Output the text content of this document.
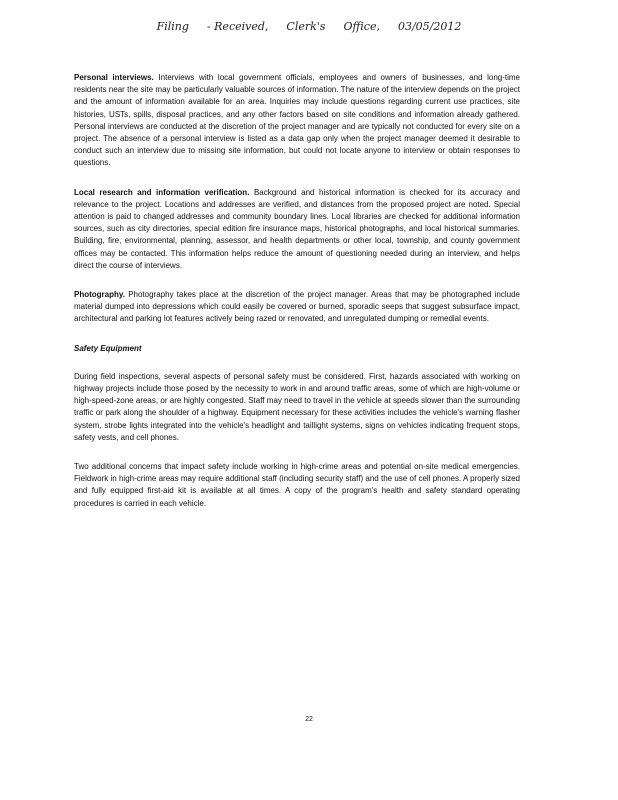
Filing - Received, Clerk's Office, 03/05/2012

Personal interviews. Interviews with local government officials, employees and owners of businesses, and long-time residents near the site may be particularly valuable sources of information. The nature of the interview depends on the project and the amount of information available for an area. Inquiries may include questions regarding current use practices, site histories, USTs, spills, disposal practices, and any other factors based on site conditions and information already gathered. Personal interviews are conducted at the discretion of the project manager and are typically not conducted for every site on a project. The absence of a personal interview is listed as a data gap only when the project manager deemed it desirable to conduct such an interview due to missing site information, but could not locate anyone to interview or obtain responses to questions.

Local research and information verification. Background and historical information is checked for its accuracy and relevance to the project. Locations and addresses are verified, and distances from the proposed project are noted. Special attention is paid to changed addresses and community boundary lines. Local libraries are checked for additional information sources, such as city directories, special edition fire insurance maps, historical photographs, and local historical summaries. Building, fire, environmental, planning, assessor, and health departments or other local, township, and county government offices may be contacted. This information helps reduce the amount of questioning needed during an interview, and helps direct the course of interviews.

Photography. Photography takes place at the discretion of the project manager. Areas that may be photographed include material dumped into depressions which could easily be covered or burned, sporadic seeps that suggest subsurface impact, architectural and parking lot features actively being razed or renovated, and unregulated dumping or remedial events.

Safety Equipment

During field inspections, several aspects of personal safety must be considered. First, hazards associated with working on highway projects include those posed by the necessity to work in and around traffic areas, some of which are high-volume or high-speed-zone areas, or are highly congested. Staff may need to travel in the vehicle at speeds slower than the surrounding traffic or park along the shoulder of a highway. Equipment necessary for these activities includes the vehicle's warning flasher system, strobe lights integrated into the vehicle's headlight and taillight systems, signs on vehicles indicating frequent stops, safety vests, and cell phones.

Two additional concerns that impact safety include working in high-crime areas and potential on-site medical emergencies. Fieldwork in high-crime areas may require additional staff (including security staff) and the use of cell phones. A properly sized and fully equipped first-aid kit is available at all times. A copy of the program's health and safety standard operating procedures is carried in each vehicle.

22
